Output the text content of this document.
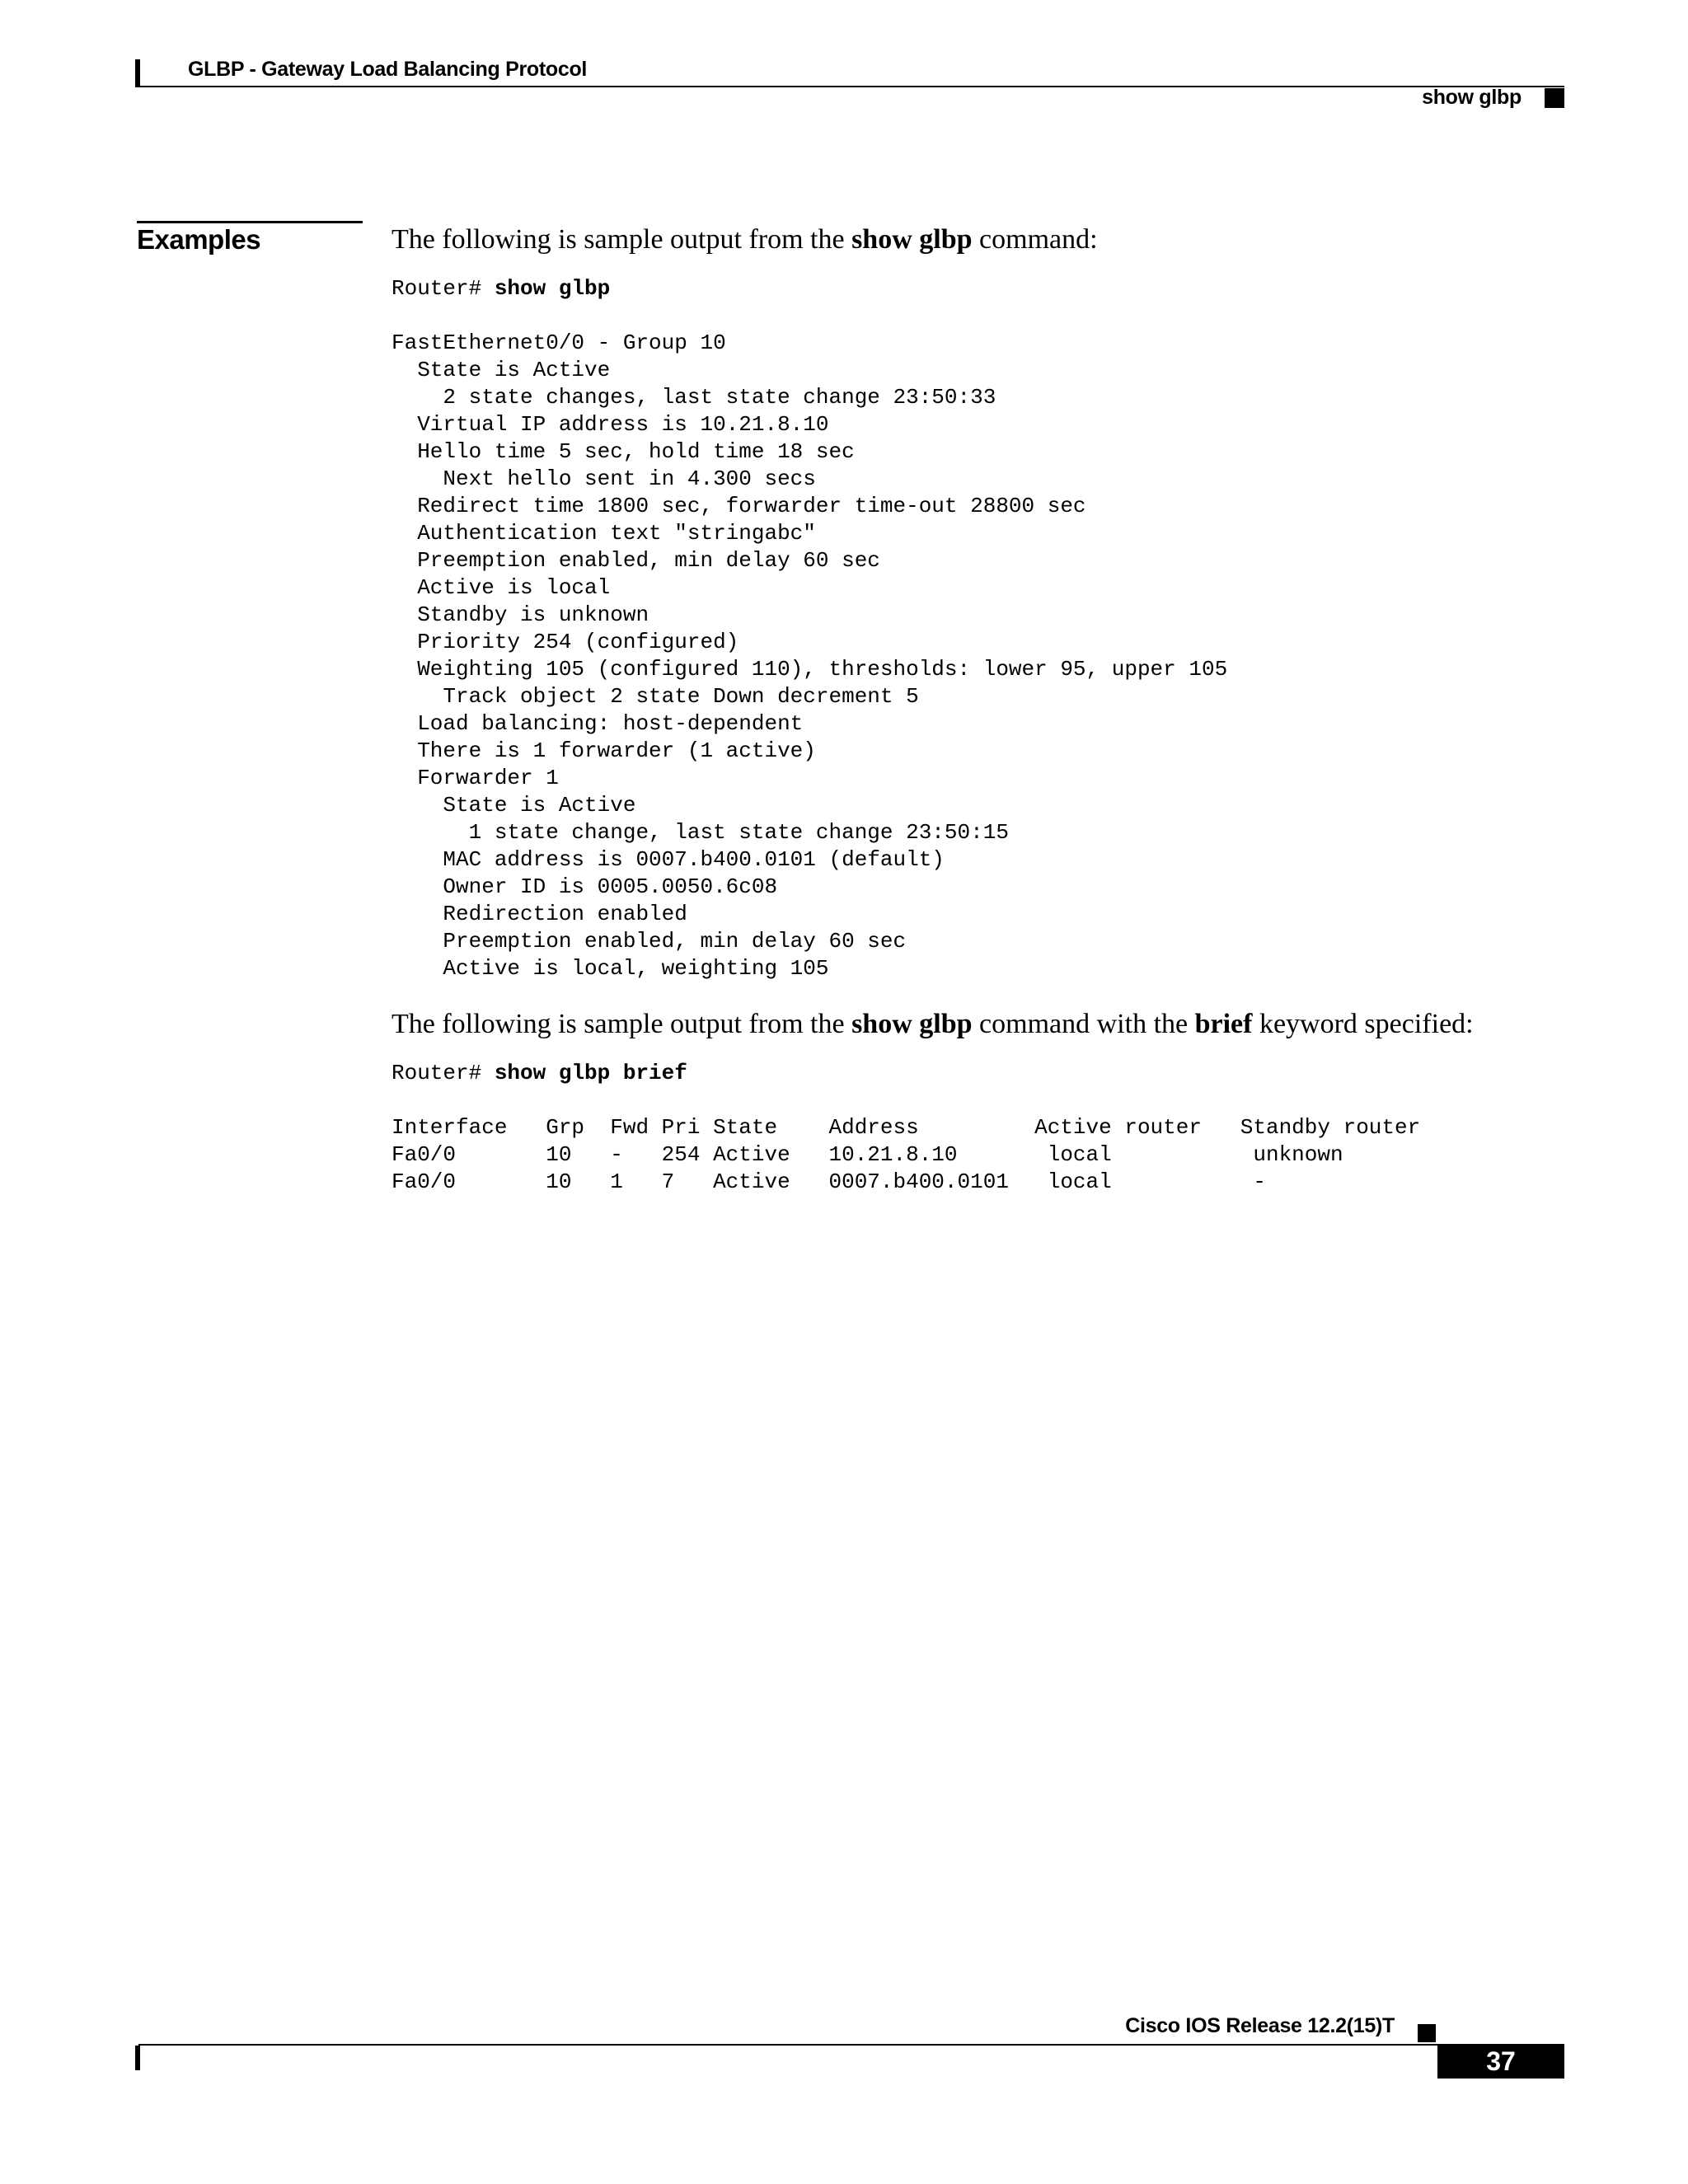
GLBP - Gateway Load Balancing Protocol
show glbp
Examples	The following is sample output from the show glbp command:

Router# show glbp
FastEthernet0/0 - Group 10
State is Active
2 state changes, last state change 23:50:33
Virtual IP address is 10.21.8.10
Hello time 5 sec, hold time 18 sec
Next hello sent in 4.300 secs
Redirect time 1800 sec, forwarder time-out 28800 sec
Authentication text "stringabc"
Preemption enabled, min delay 60 sec
Active is local
Standby is unknown
Priority 254 (configured)
Weighting 105 (configured 110), thresholds: lower 95, upper 105
Track object 2 state Down decrement 5
Load balancing: host-dependent
There is 1 forwarder (1 active)
Forwarder 1
State is Active
1 state change, last state change 23:50:15
MAC address is 0007.b400.0101 (default)
Owner ID is 0005.0050.6c08
Redirection enabled
Preemption enabled, min delay 60 sec
Active is local, weighting 105

The following is sample output from the show glbp command with the brief keyword specified:

Router# show glbp brief
Interface   Grp  Fwd Pri State    Address         Active router   Standby router
Fa0/0       10   -   254 Active   10.21.8.10       local           unknown
Fa0/0       10   1   7   Active   0007.b400.0101   local           -
Cisco IOS Release 12.2(15)T
37
